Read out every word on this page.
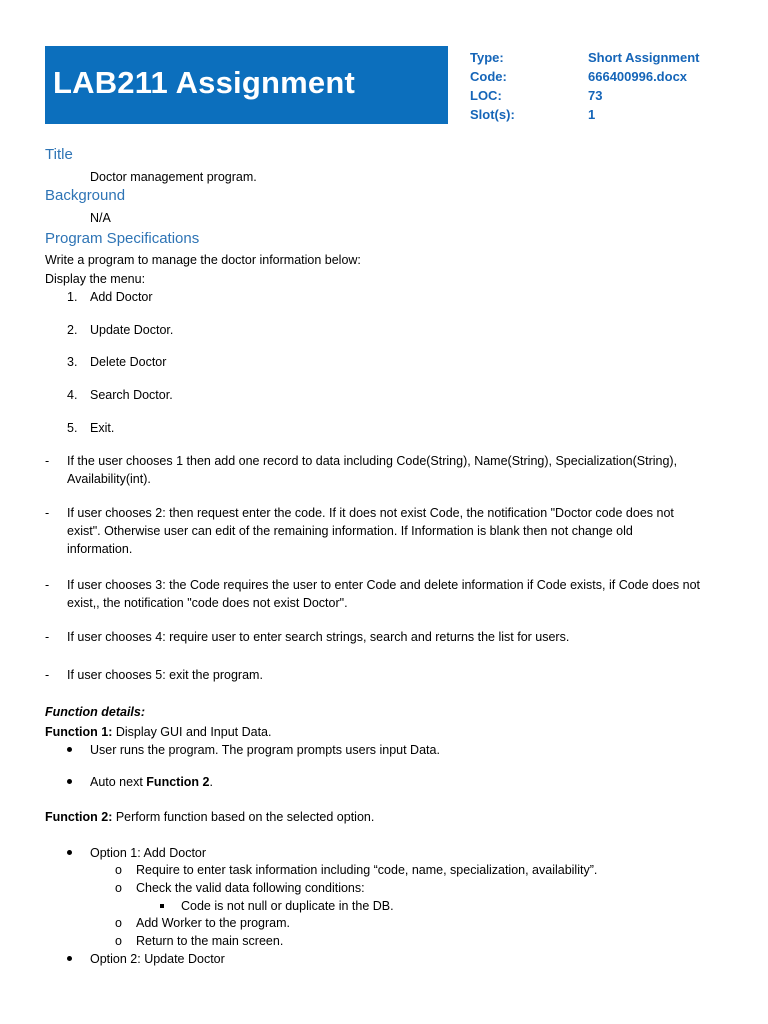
LAB211 Assignment
Type:	Short Assignment
Code:	666400996.docx
LOC:	73
Slot(s):	1
Title
Doctor management program.
Background
N/A
Program Specifications
Write a program to manage the doctor information below:
Display the menu:
1. Add Doctor
2. Update Doctor.
3. Delete Doctor
4. Search Doctor.
5. Exit.
- If the user chooses 1 then add one record to data including Code(String), Name(String), Specialization(String),
Availability(int).
- If user chooses 2: then request enter the code. If it does not exist Code, the notification "Doctor code does not
exist". Otherwise user can edit of the remaining information. If Information is blank then not change old
information.
- If user chooses 3: the Code requires the user to enter Code and delete information if Code exists, if Code does not
exist,, the notification "code does not exist Doctor".
- If user chooses 4: require user to enter search strings, search and returns the list for users.
- If user chooses 5: exit the program.
Function details:
Function 1: Display GUI and Input Data.
User runs the program. The program prompts users input Data.
Auto next Function 2.
Function 2: Perform function based on the selected option.
Option 1: Add Doctor
o Require to enter task information including “code, name, specialization, availability”.
o Check the valid data following conditions:
Code is not null or duplicate in the DB.
o Add Worker to the program.
o Return to the main screen.
Option 2: Update Doctor
